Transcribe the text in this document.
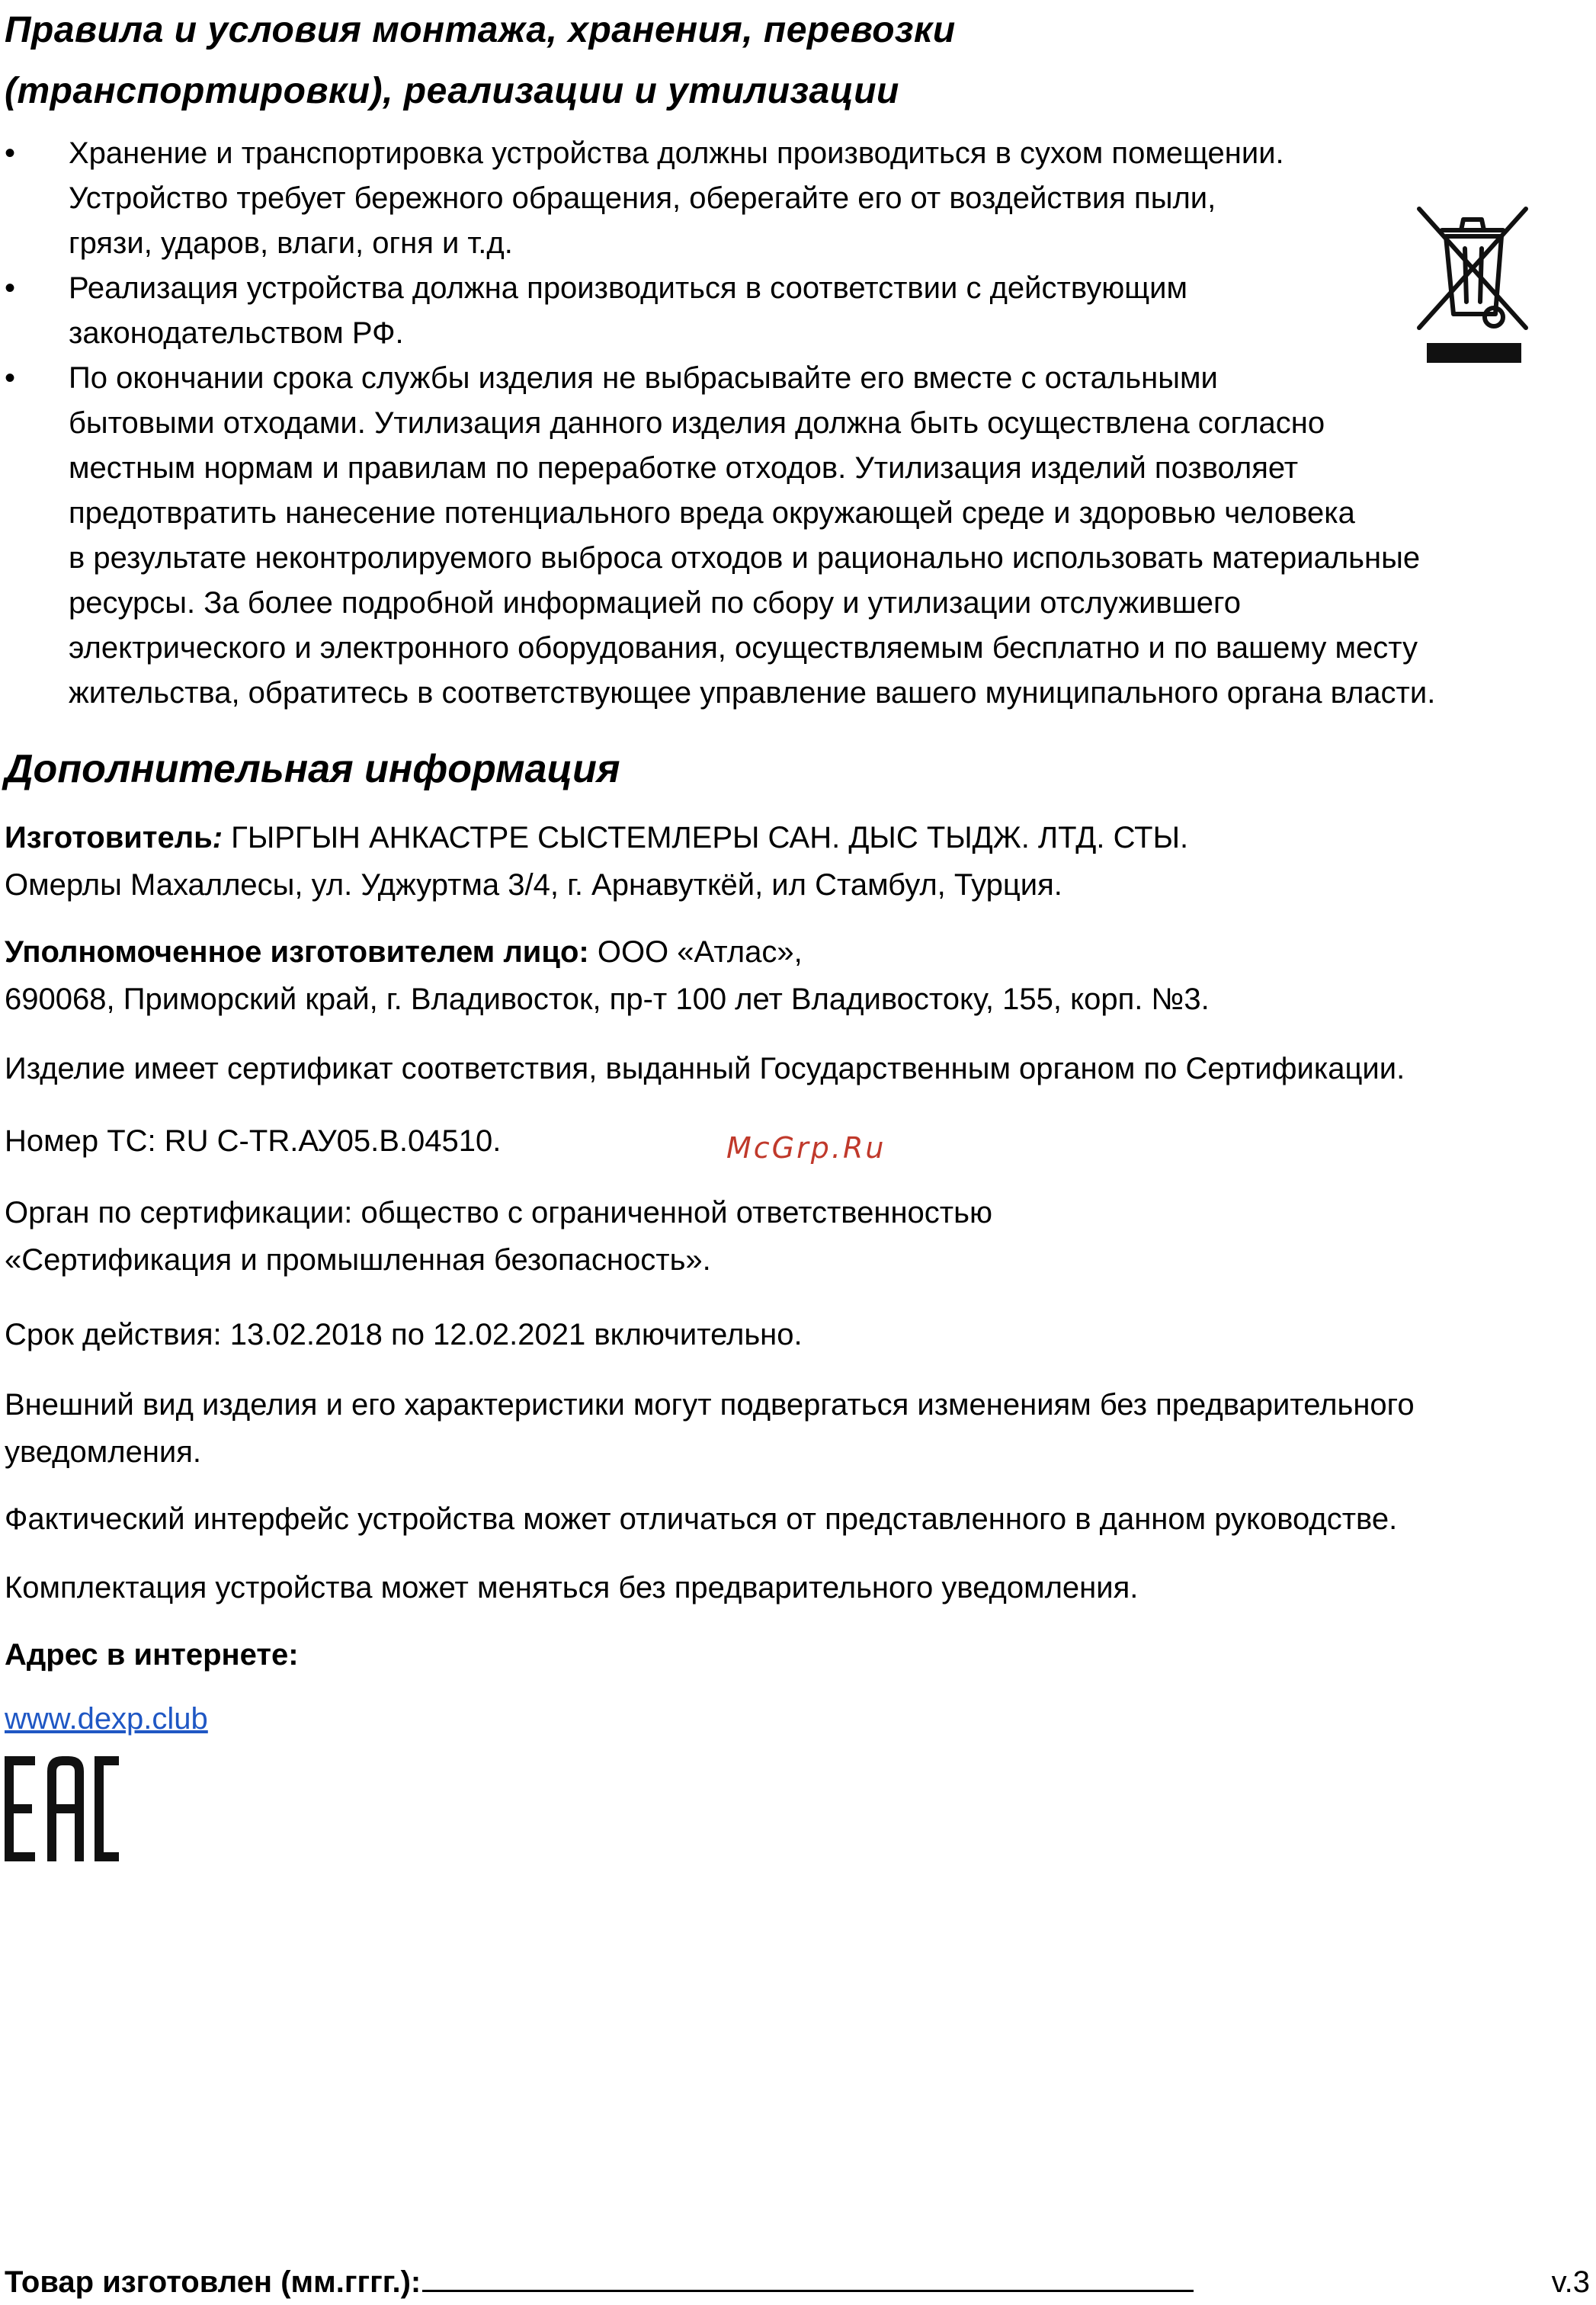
Правила и условия монтажа, хранения, перевозки
(транспортировки), реализации и утилизации
• Хранение и транспортировка устройства должны производиться в сухом помещении.
Устройство требует бережного обращения, оберегайте его от воздействия пыли,
грязи, ударов, влаги, огня и т.д.
• Реализация устройства должна производиться в соответствии с действующим
законодательством РФ.
• По окончании срока службы изделия не выбрасывайте его вместе с остальными
бытовыми отходами. Утилизация данного изделия должна быть осуществлена согласно
местным нормам и правилам по переработке отходов. Утилизация изделий позволяет
предотвратить нанесение потенциального вреда окружающей среде и здоровью человека
в результате неконтролируемого выброса отходов и рационально использовать материальные
ресурсы. За более подробной информацией по сбору и утилизации отслужившего
электрического и электронного оборудования, осуществляемым бесплатно и по вашему месту
жительства, обратитесь в соответствующее управление вашего муниципального органа власти.
Дополнительная информация

Изготовитель: ГЫРГЫН АНКАСТРЕ СЫСТЕМЛЕРЫ САН. ДЫС ТЫДЖ. ЛТД. СТЫ.
Омерлы Махаллесы, ул. Уджуртма 3/4, г. Арнавуткёй, ил Стамбул, Турция.

Уполномоченное изготовителем лицо: ООО «Атлас»,
690068, Приморский край, г. Владивосток, пр-т 100 лет Владивостоку, 155, корп. №3.

Изделие имеет сертификат соответствия, выданный Государственным органом по Сертификации.

Номер ТС: RU C-TR.АУ05.В.04510.	McGrp.Ru

Орган по сертификации: общество с ограниченной ответственностью
«Сертификация и промышленная безопасность».

Срок действия: 13.02.2018 по 12.02.2021 включительно.

Внешний вид изделия и его характеристики могут подвергаться изменениям без предварительного
уведомления.

Фактический интерфейс устройства может отличаться от представленного в данном руководстве.

Комплектация устройства может меняться без предварительного уведомления.

Адрес в интернете:

www.dexp.club

Товар изготовлен (мм.гггг.):	v.3
